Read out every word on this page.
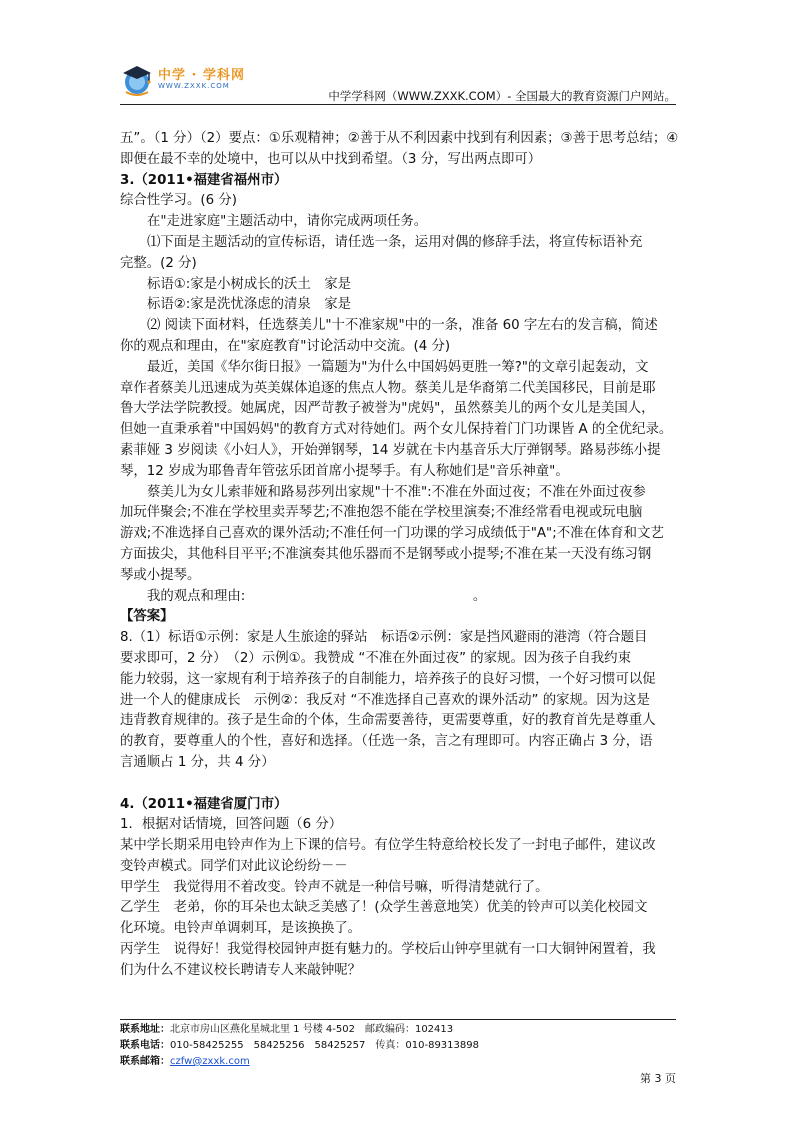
中学 · 学科网
WWW.ZXXK.COM
中学学科网（WWW.ZXXK.COM）- 全国最大的教育资源门户网站。

五”。（1 分）（2）要点：①乐观精神；②善于从不利因素中找到有利因素；③善于思考总结；④

即便在最不幸的处境中，也可以从中找到希望。（3 分，写出两点即可）

3.（2011•福建省福州市）

综合性学习。(6 分)

在"走进家庭"主题活动中，请你完成两项任务。

⑴下面是主题活动的宣传标语，请任选一条，运用对偶的修辞手法，将宣传标语补充

完整。(2 分)

标语①:家是小树成长的沃土　家是

标语②:家是洗忧涤虑的清泉　家是

⑵ 阅读下面材料，任选蔡美儿"十不准家规"中的一条，准备 60 字左右的发言稿，简述

你的观点和理由，在"家庭教育"讨论活动中交流。(4 分)

最近，美国《华尔街日报》一篇题为"为什么中国妈妈更胜一筹?"的文章引起轰动，文

章作者蔡美儿迅速成为英美媒体追逐的焦点人物。蔡美儿是华裔第二代美国移民，目前是耶

鲁大学法学院教授。她属虎，因严苛教子被誉为"虎妈"，虽然蔡美儿的两个女儿是美国人，

但她一直秉承着"中国妈妈"的教育方式对待她们。两个女儿保持着门门功课皆 A 的全优纪录。

素菲娅 3 岁阅读《小妇人》，开始弹钢琴，14 岁就在卡内基音乐大厅弹钢琴。路易莎练小提

琴，12 岁成为耶鲁青年管弦乐团首席小提琴手。有人称她们是"音乐神童"。

蔡美儿为女儿索菲娅和路易莎列出家规"十不准":不准在外面过夜；不准在外面过夜参

加玩伴聚会;不准在学校里卖弄琴艺;不准抱怨不能在学校里演奏;不准经常看电视或玩电脑

游戏;不准选择自己喜欢的课外活动;不准任何一门功课的学习成绩低于"A";不准在体育和文艺

方面拔尖，其他科目平平;不准演奏其他乐器而不是钢琴或小提琴;不准在某一天没有练习钢

琴或小提琴。

我的观点和理由:　　　　　　　　　　　　　　　　　。

【答案】

8.（1）标语①示例：家是人生旅途的驿站　标语②示例：家是挡风避雨的港湾（符合题目

要求即可，2 分）　（2）示例①。我赞成 “不准在外面过夜” 的家规。因为孩子自我约束

能力较弱，这一家规有利于培养孩子的自制能力，培养孩子的良好习惯，一个好习惯可以促

进一个人的健康成长　示例②：我反对 “不准选择自己喜欢的课外活动” 的家规。因为这是

违背教育规律的。孩子是生命的个体，生命需要善待，更需要尊重，好的教育首先是尊重人

的教育，要尊重人的个性，喜好和选择。（任选一条，言之有理即可。内容正确占 3 分，语

言通顺占 1 分，共 4 分）

4.（2011•福建省厦门市）

1．根据对话情境，回答问题（6 分）

某中学长期采用电铃声作为上下课的信号。有位学生特意给校长发了一封电子邮件，建议改

变铃声模式。同学们对此议论纷纷－－

甲学生　我觉得用不着改变。铃声不就是一种信号嘛，听得清楚就行了。

乙学生　老弟，你的耳朵也太缺乏美感了！(众学生善意地笑）优美的铃声可以美化校园文

化环境。电铃声单调刺耳，是该换换了。

丙学生　说得好！我觉得校园钟声挺有魅力的。学校后山钟亭里就有一口大铜钟闲置着，我

们为什么不建议校长聘请专人来敲钟呢？

联系地址：北京市房山区燕化星城北里 1 号楼 4-502　邮政编码：102413
联系电话：010-58425255　58425256　58425257　传真：010-89313898
联系邮箱：czfw@zxxk.com
第 3 页
